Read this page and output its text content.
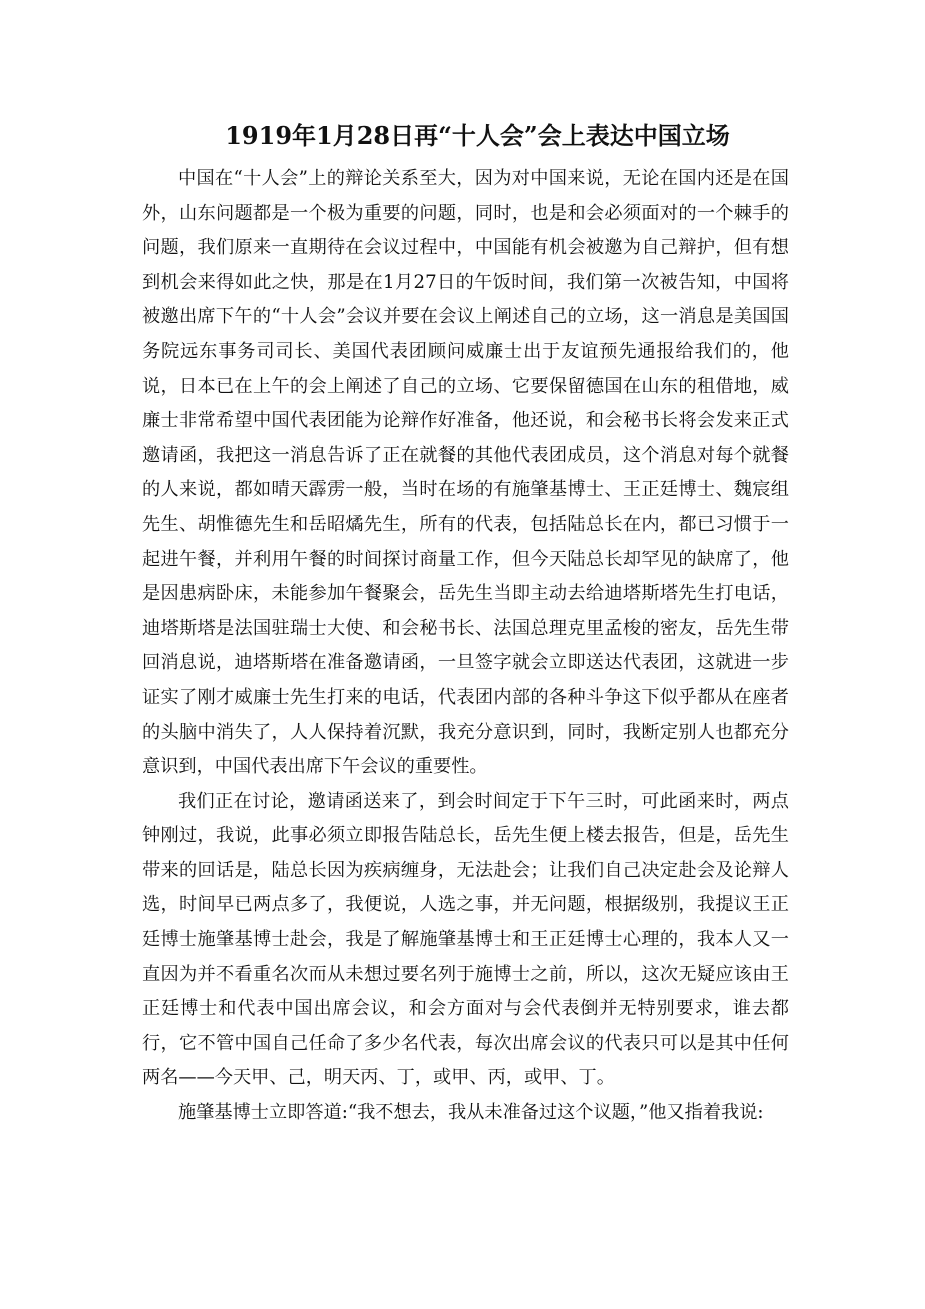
1919年1月28日再“十人会”会上表达中国立场

中国在“十人会”上的辩论关系至大，因为对中国来说，无论在国内还是在国外，山东问题都是一个极为重要的问题，同时，也是和会必须面对的一个棘手的问题，我们原来一直期待在会议过程中，中国能有机会被邀为自己辩护，但有想到机会来得如此之快，那是在1月27日的午饭时间，我们第一次被告知，中国将被邀出席下午的“十人会”会议并要在会议上阐述自己的立场，这一消息是美国国务院远东事务司司长、美国代表团顾问威廉士出于友谊预先通报给我们的，他说，日本已在上午的会上阐述了自己的立场、它要保留德国在山东的租借地，威廉士非常希望中国代表团能为论辩作好准备，他还说，和会秘书长将会发来正式邀请函，我把这一消息告诉了正在就餐的其他代表团成员，这个消息对每个就餐的人来说，都如晴天霹雳一般，当时在场的有施肇基博士、王正廷博士、魏宸组先生、胡惟德先生和岳昭燏先生，所有的代表，包括陆总长在内，都已习惯于一起进午餐，并利用午餐的时间探讨商量工作，但今天陆总长却罕见的缺席了，他是因患病卧床，未能参加午餐聚会，岳先生当即主动去给迪塔斯塔先生打电话，迪塔斯塔是法国驻瑞士大使、和会秘书长、法国总理克里孟梭的密友，岳先生带回消息说，迪塔斯塔在准备邀请函，一旦签字就会立即送达代表团，这就进一步证实了刚才威廉士先生打来的电话，代表团内部的各种斗争这下似乎都从在座者的头脑中消失了，人人保持着沉默，我充分意识到，同时，我断定别人也都充分意识到，中国代表出席下午会议的重要性。

我们正在讨论，邀请函送来了，到会时间定于下午三时，可此函来时，两点钟刚过，我说，此事必须立即报告陆总长，岳先生便上楼去报告，但是，岳先生带来的回话是，陆总长因为疾病缠身，无法赴会；让我们自己决定赴会及论辩人选，时间早已两点多了，我便说，人选之事，并无问题，根据级别，我提议王正廷博士施肇基博士赴会，我是了解施肇基博士和王正廷博士心理的，我本人又一直因为并不看重名次而从未想过要名列于施博士之前，所以，这次无疑应该由王正廷博士和代表中国出席会议，和会方面对与会代表倒并无特别要求，谁去都行，它不管中国自己任命了多少名代表，每次出席会议的代表只可以是其中任何两名——今天甲、己，明天丙、丁，或甲、丙，或甲、丁。

施肇基博士立即答道:“我不想去，我从未准备过这个议题，”他又指着我说:
